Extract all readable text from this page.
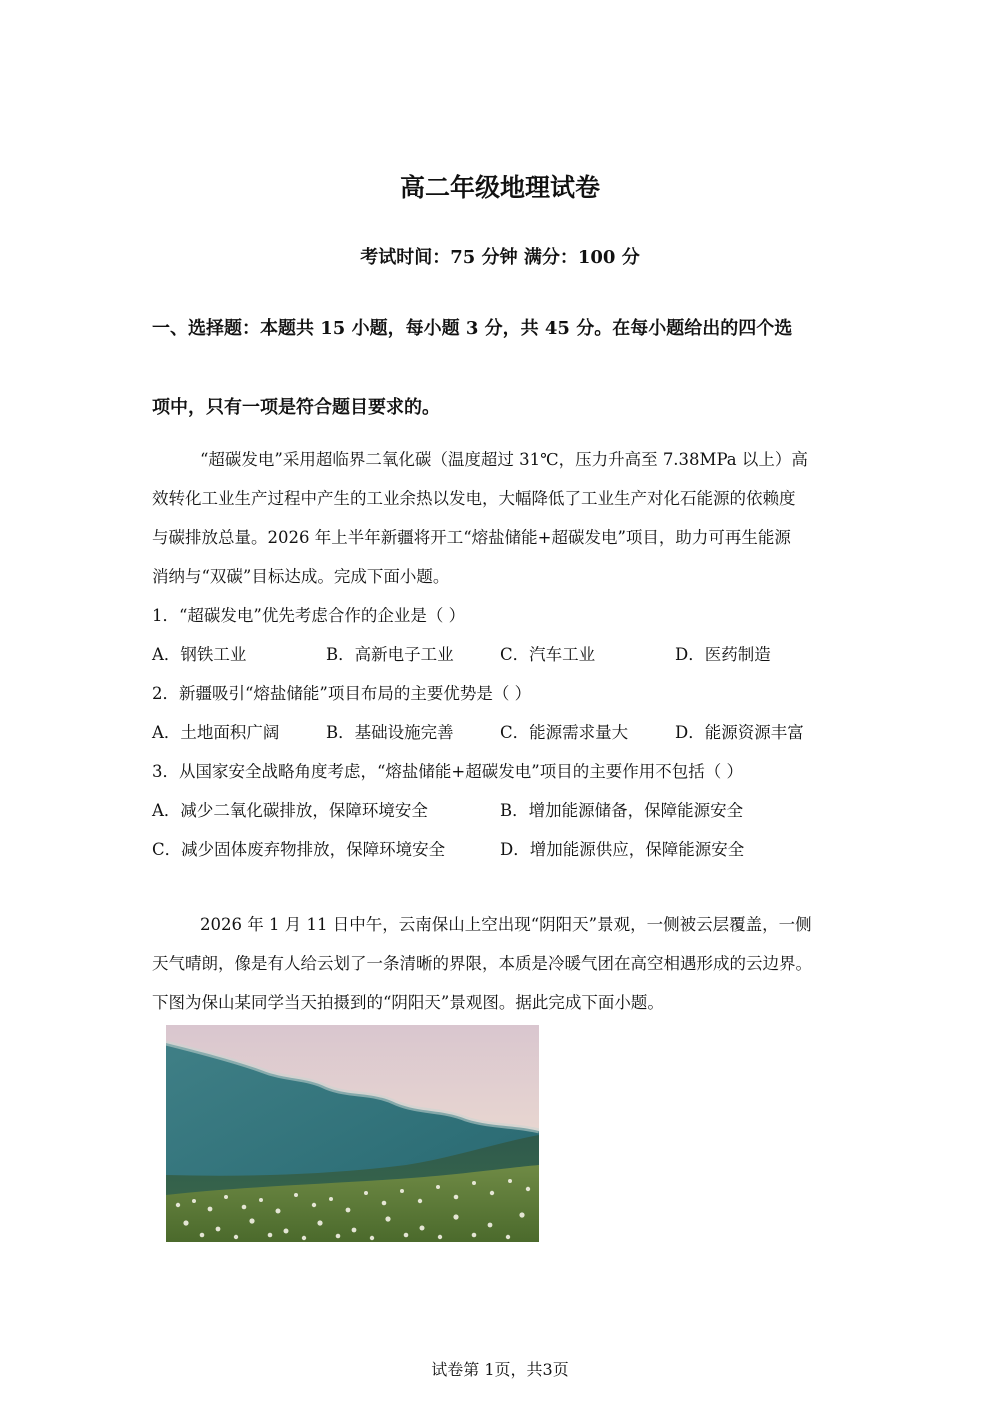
高二年级地理试卷
考试时间：75 分钟 满分：100 分
一、选择题：本题共 15 小题，每小题 3 分，共 45 分。在每小题给出的四个选
项中，只有一项是符合题目要求的。
“超碳发电”采用超临界二氧化碳（温度超过 31℃，压力升高至 7.38MPa 以上）高
效转化工业生产过程中产生的工业余热以发电，大幅降低了工业生产对化石能源的依赖度
与碳排放总量。2026 年上半年新疆将开工“熔盐储能+超碳发电”项目，助力可再生能源
消纳与“双碳”目标达成。完成下面小题。
1．“超碳发电”优先考虑合作的企业是（ ）
A．钢铁工业	B．高新电子工业	C．汽车工业	D．医药制造
2．新疆吸引“熔盐储能”项目布局的主要优势是（ ）
A．土地面积广阔	B．基础设施完善	C．能源需求量大	D．能源资源丰富
3．从国家安全战略角度考虑，“熔盐储能+超碳发电”项目的主要作用不包括（ ）
A．减少二氧化碳排放，保障环境安全	B．增加能源储备，保障能源安全
C．减少固体废弃物排放，保障环境安全	D．增加能源供应，保障能源安全
2026 年 1 月 11 日中午，云南保山上空出现“阴阳天”景观，一侧被云层覆盖，一侧
天气晴朗，像是有人给云划了一条清晰的界限，本质是冷暖气团在高空相遇形成的云边界。
下图为保山某同学当天拍摄到的“阴阳天”景观图。据此完成下面小题。
试卷第 1页，共3页
